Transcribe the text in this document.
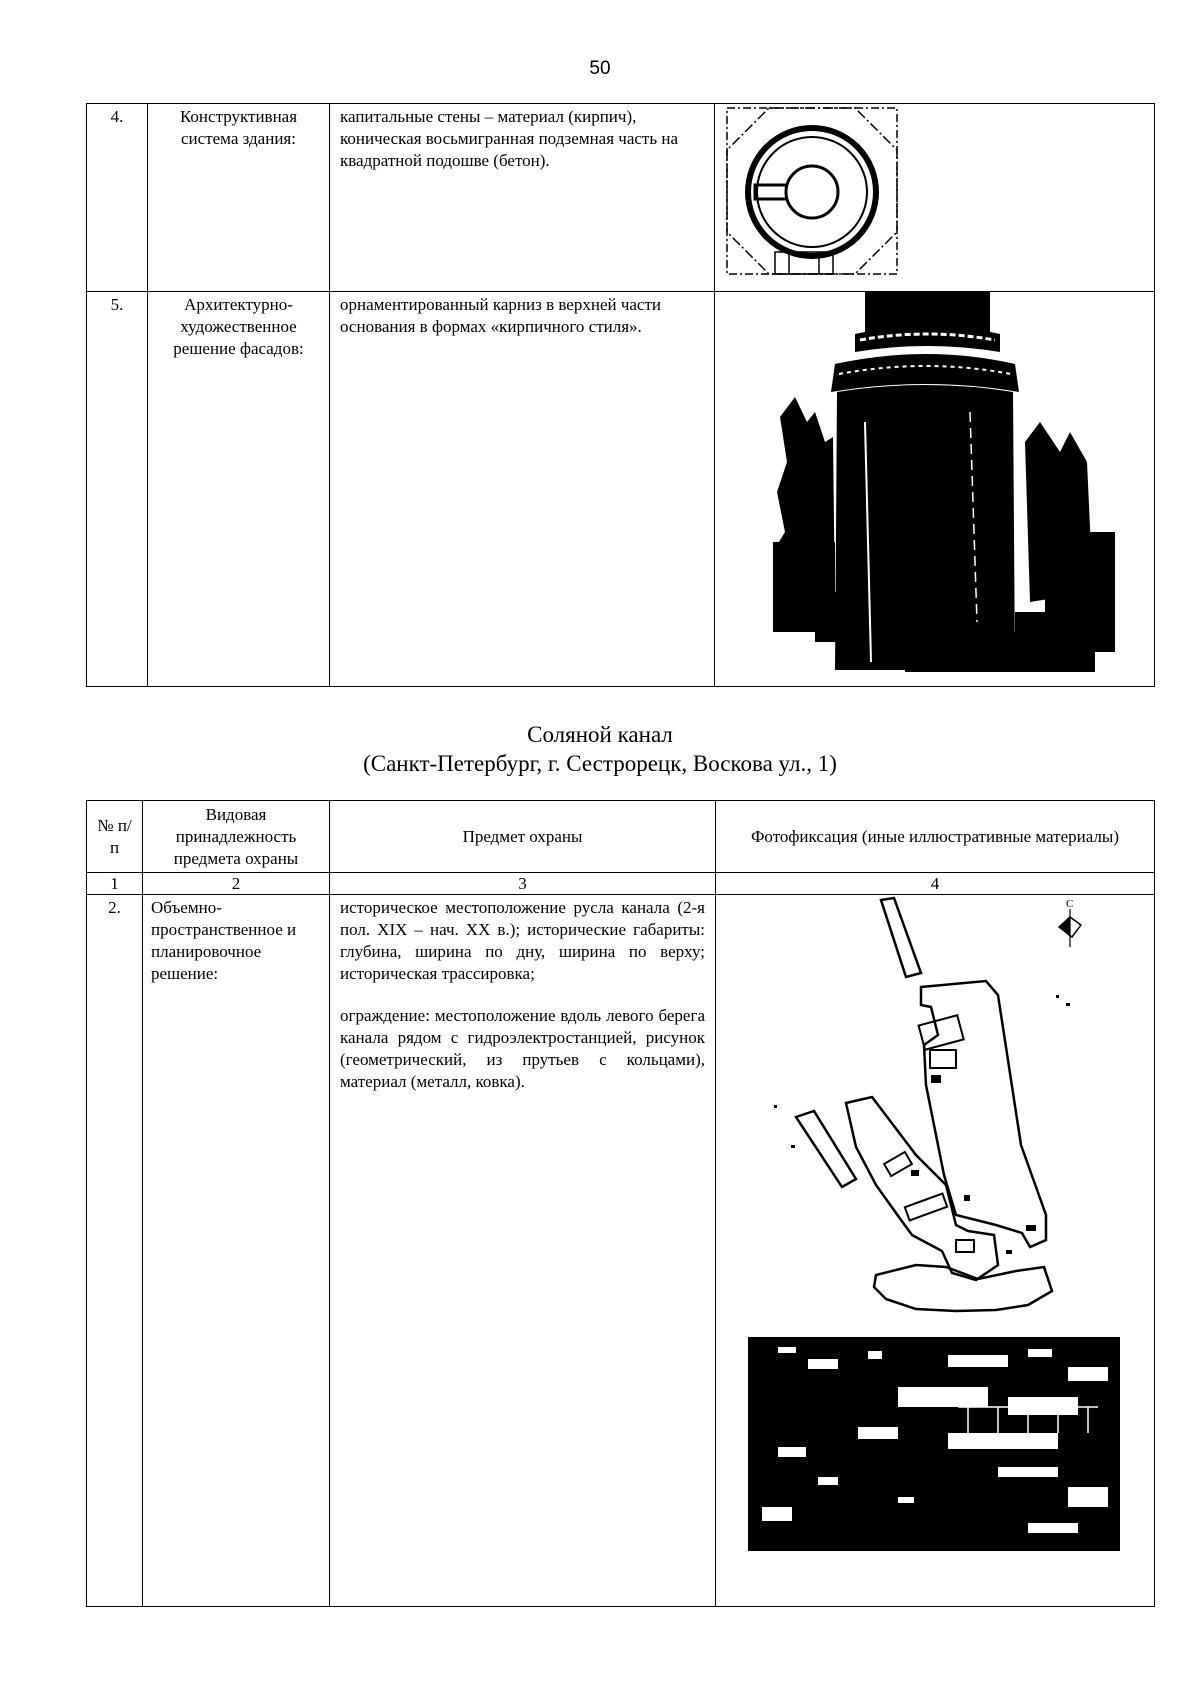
50
4.	Конструктивная система здания:	капитальные стены – материал (кирпич), коническая восьмигранная подземная часть на квадратной подошве (бетон).	

5.	Архитектурно-художественное решение фасадов:	орнаментированный карниз в верхней части основания в формах «кирпичного стиля».	
Соляной канал
(Санкт-Петербург, г. Сестрорецк, Воскова ул., 1)
№ п/п	Видовая принадлежность предмета охраны	Предмет охраны	Фотофиксация (иные иллюстративные материалы)
1	2	3	4
2.	Объемно-пространственное и планировочное решение:	историческое местоположение русла канала (2-я пол. XIX – нач. XX в.); исторические габариты: глубина, ширина по дну, ширина по верху; историческая трассировка;

ограждение: местоположение вдоль левого берега канала рядом с гидроэлектростанцией, рисунок (геометрический, из прутьев с кольцами), материал (металл, ковка).	С
